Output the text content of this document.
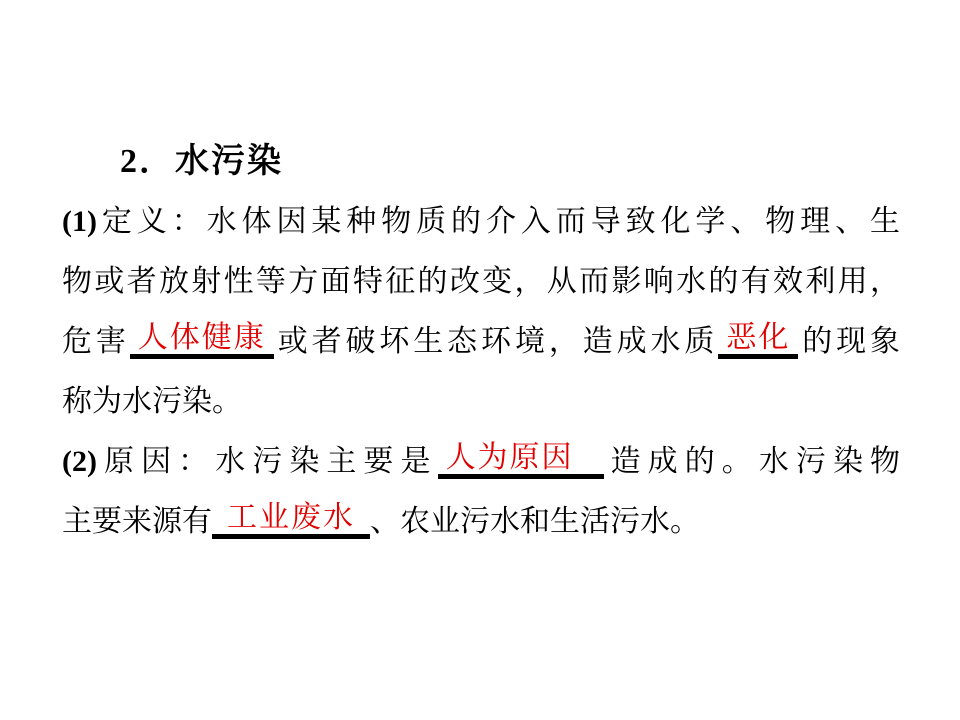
2．水污染
(1)定义：水体因某种物质的介入而导致化学、物理、生
物或者放射性等方面特征的改变，从而影响水的有效利用，
危害 人体健康 或者破坏生态环境，造成水质 恶化 的现象
称为水污染。
(2)原因：水污染主要是 人为原因 造成的。水污染物
主要来源有 工业废水 、农业污水和生活污水。
